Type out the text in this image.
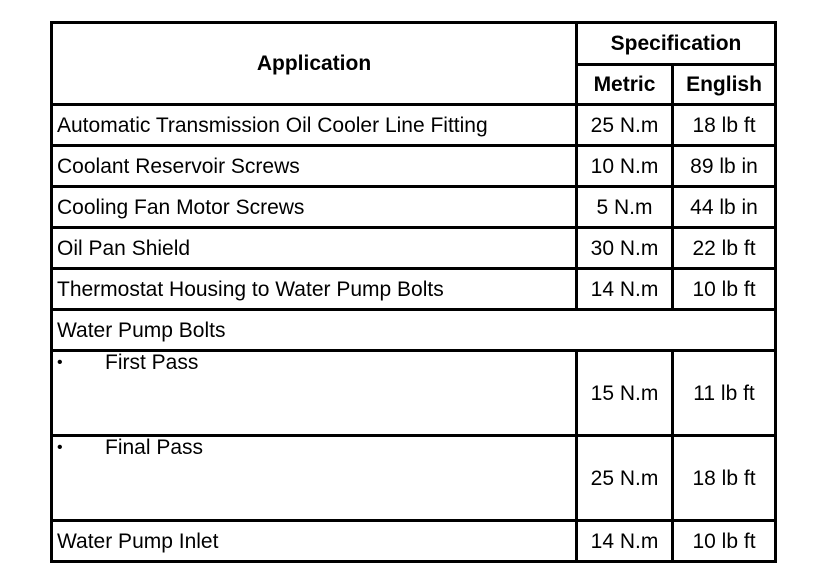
Application	Specification	
	Metric	English
Automatic Transmission Oil Cooler Line Fitting	25 N.m	18 lb ft
Coolant Reservoir Screws	10 N.m	89 lb in
Cooling Fan Motor Screws	5 N.m	44 lb in
Oil Pan Shield	30 N.m	22 lb ft
Thermostat Housing to Water Pump Bolts	14 N.m	10 lb ft
Water Pump Bolts		
• First Pass	15 N.m	11 lb ft
• Final Pass	25 N.m	18 lb ft
Water Pump Inlet	14 N.m	10 lb ft
